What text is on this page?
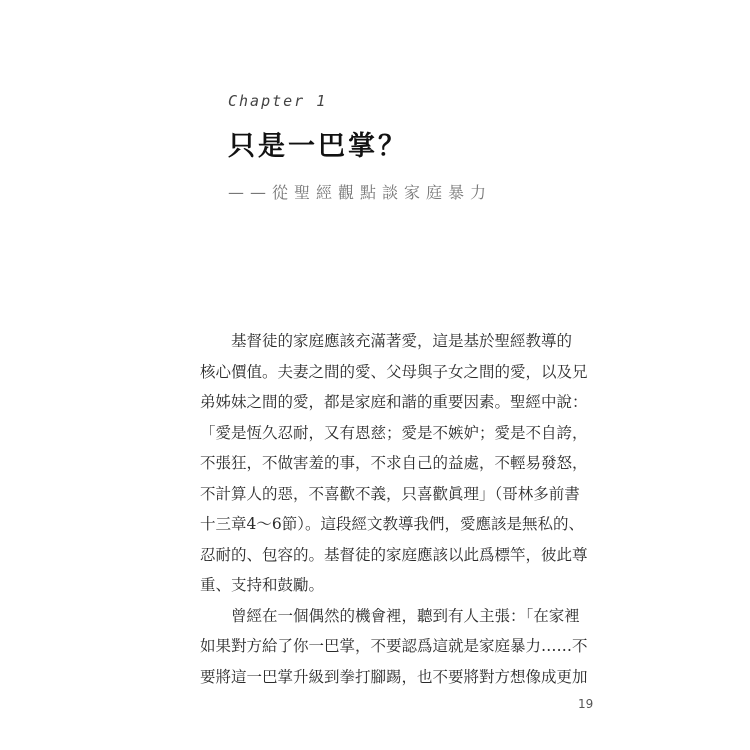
Chapter 1
只是一巴掌？
——從聖經觀點談家庭暴力
基督徒的家庭應該充滿著愛，這是基於聖經教導的
核心價值。夫妻之間的愛、父母與子女之間的愛，以及兄
弟姊妹之間的愛，都是家庭和諧的重要因素。聖經中說：
「愛是恆久忍耐，又有恩慈；愛是不嫉妒；愛是不自誇，
不張狂，不做害羞的事，不求自己的益處，不輕易發怒，
不計算人的惡，不喜歡不義，只喜歡眞理」（哥林多前書
十三章4～6節）。這段經文教導我們，愛應該是無私的、
忍耐的、包容的。基督徒的家庭應該以此爲標竿，彼此尊
重、支持和鼓勵。
曾經在一個偶然的機會裡，聽到有人主張：「在家裡
如果對方給了你一巴掌，不要認爲這就是家庭暴力……不
要將這一巴掌升級到拳打腳踢，也不要將對方想像成更加
19
